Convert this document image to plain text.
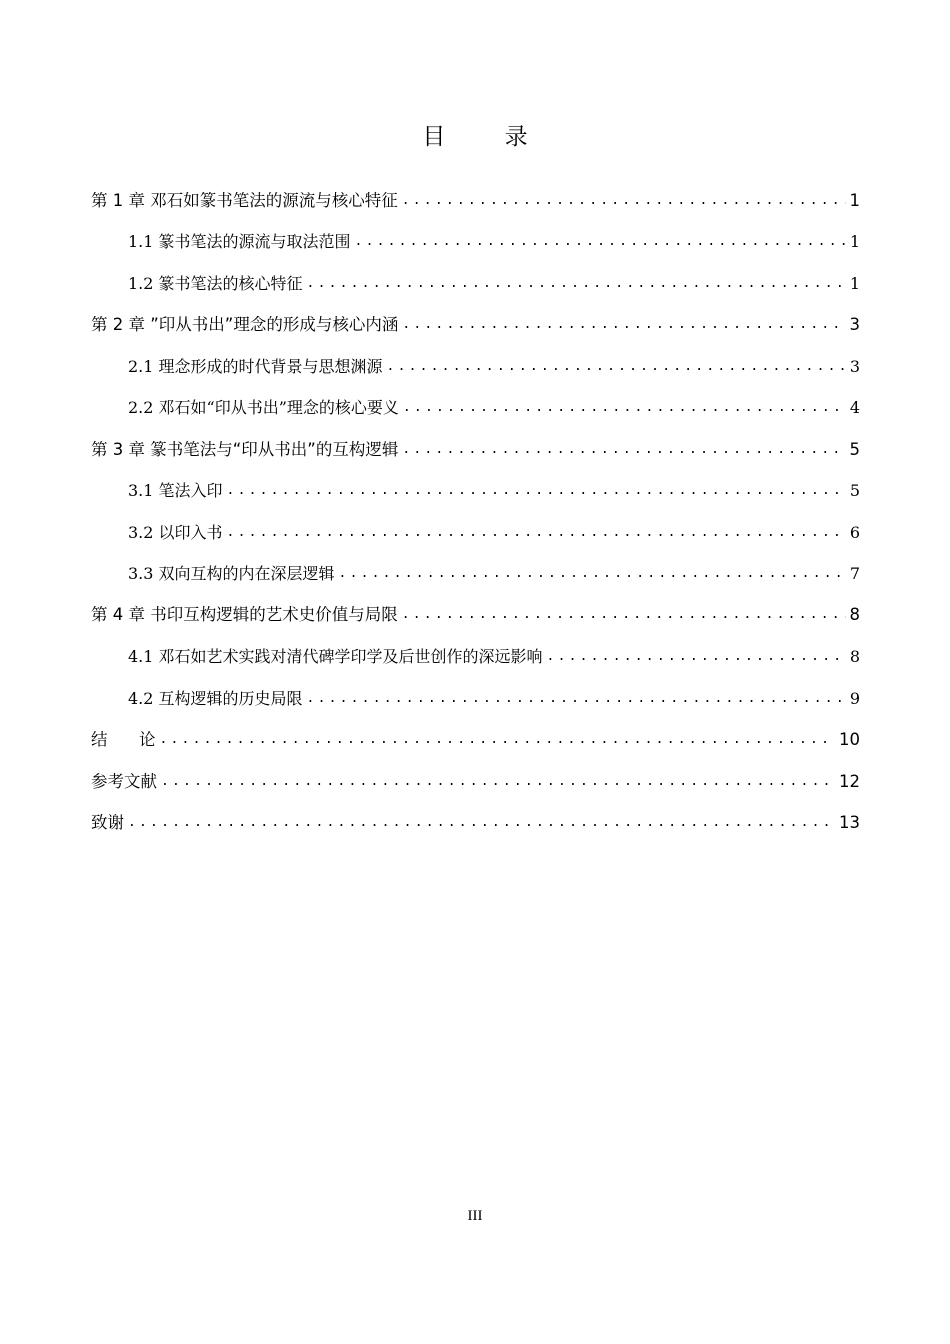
目 录
第 1 章 邓石如篆书笔法的源流与核心特征 .....	1
1.1 篆书笔法的源流与取法范围 .....	1
1.2 篆书笔法的核心特征 .....	1
第 2 章 ”印从书出”理念的形成与核心内涵 .....	3
2.1 理念形成的时代背景与思想渊源 .....	3
2.2 邓石如“印从书出”理念的核心要义 .....	4
第 3 章 篆书笔法与“印从书出”的互构逻辑 .....	5
3.1 笔法入印 .....	5
3.2 以印入书 .....	6
3.3 双向互构的内在深层逻辑 .....	7
第 4 章 书印互构逻辑的艺术史价值与局限 .....	8
4.1 邓石如艺术实践对清代碑学印学及后世创作的深远影响 .....	8
4.2 互构逻辑的历史局限 .....	9
结      论 .....	10
参考文献 .....	12
致谢 .....	13
III
